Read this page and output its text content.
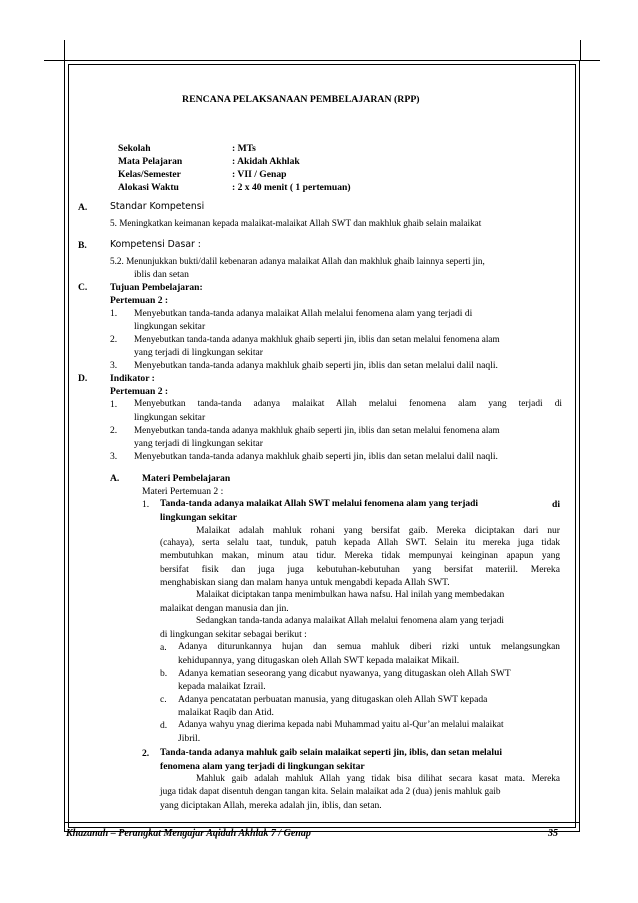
RENCANA PELAKSANAAN PEMBELAJARAN (RPP)
Sekolah	: MTs
Mata Pelajaran	: Akidah Akhlak
Kelas/Semester	: VII / Genap
Alokasi Waktu	: 2 x 40 menit ( 1 pertemuan)
A. Standar Kompetensi
5. Meningkatkan keimanan kepada malaikat-malaikat Allah SWT dan makhluk ghaib selain malaikat
B. Kompetensi Dasar :
5.2. Menunjukkan bukti/dalil kebenaran adanya malaikat Allah dan makhluk ghaib lainnya seperti jin,
iblis dan setan
C. Tujuan Pembelajaran:
Pertemuan 2 :
1. Menyebutkan tanda-tanda adanya malaikat Allah melalui fenomena alam yang terjadi di
lingkungan sekitar
2. Menyebutkan tanda-tanda adanya makhluk ghaib seperti jin, iblis dan setan melalui fenomena alam
yang terjadi di lingkungan sekitar
3. Menyebutkan tanda-tanda adanya makhluk ghaib seperti jin, iblis dan setan melalui dalil naqli.
D. Indikator :
Pertemuan 2 :
1. Menyebutkan tanda-tanda adanya malaikat Allah melalui fenomena alam yang terjadi di
lingkungan sekitar
2. Menyebutkan tanda-tanda adanya makhluk ghaib seperti jin, iblis dan setan melalui fenomena alam
yang terjadi di lingkungan sekitar
3. Menyebutkan tanda-tanda adanya makhluk ghaib seperti jin, iblis dan setan melalui dalil naqli.
A. Materi Pembelajaran
Materi Pertemuan 2 :
1. Tanda-tanda adanya malaikat Allah SWT melalui fenomena alam yang terjadi	di
lingkungan sekitar
Malaikat adalah mahluk rohani yang bersifat gaib. Mereka diciptakan dari nur
(cahaya), serta selalu taat, tunduk, patuh kepada Allah SWT. Selain itu mereka juga tidak
membutuhkan makan, minum atau tidur. Mereka tidak mempunyai keinginan apapun yang
bersifat fisik dan juga juga kebutuhan-kebutuhan yang bersifat materiil. Mereka
menghabiskan siang dan malam hanya untuk mengabdi kepada Allah SWT.
Malaikat diciptakan tanpa menimbulkan hawa nafsu. Hal inilah yang membedakan
malaikat dengan manusia dan jin.
Sedangkan tanda-tanda adanya malaikat Allah melalui fenomena alam yang terjadi
di lingkungan sekitar sebagai berikut :
a. Adanya diturunkannya hujan dan semua mahluk diberi rizki untuk melangsungkan
kehidupannya, yang ditugaskan oleh Allah SWT kepada malaikat Mikail.
b. Adanya kematian seseorang yang dicabut nyawanya, yang ditugaskan oleh Allah SWT
kepada malaikat Izrail.
c. Adanya pencatatan perbuatan manusia, yang ditugaskan oleh Allah SWT kepada
malaikat Raqib dan Atid.
d. Adanya wahyu ynag dierima kepada nabi Muhammad yaitu al-Qur’an melalui malaikat
Jibril.
2. Tanda-tanda adanya mahluk gaib selain malaikat seperti jin, iblis, dan setan melalui
fenomena alam yang terjadi di lingkungan sekitar
Mahluk gaib adalah mahluk Allah yang tidak bisa dilihat secara kasat mata. Mereka
juga tidak dapat disentuh dengan tangan kita. Selain malaikat ada 2 (dua) jenis mahluk gaib
yang diciptakan Allah, mereka adalah jin, iblis, dan setan.
Khazanah – Perangkat Mengajar Aqidah Akhlak 7 / Genap	35
